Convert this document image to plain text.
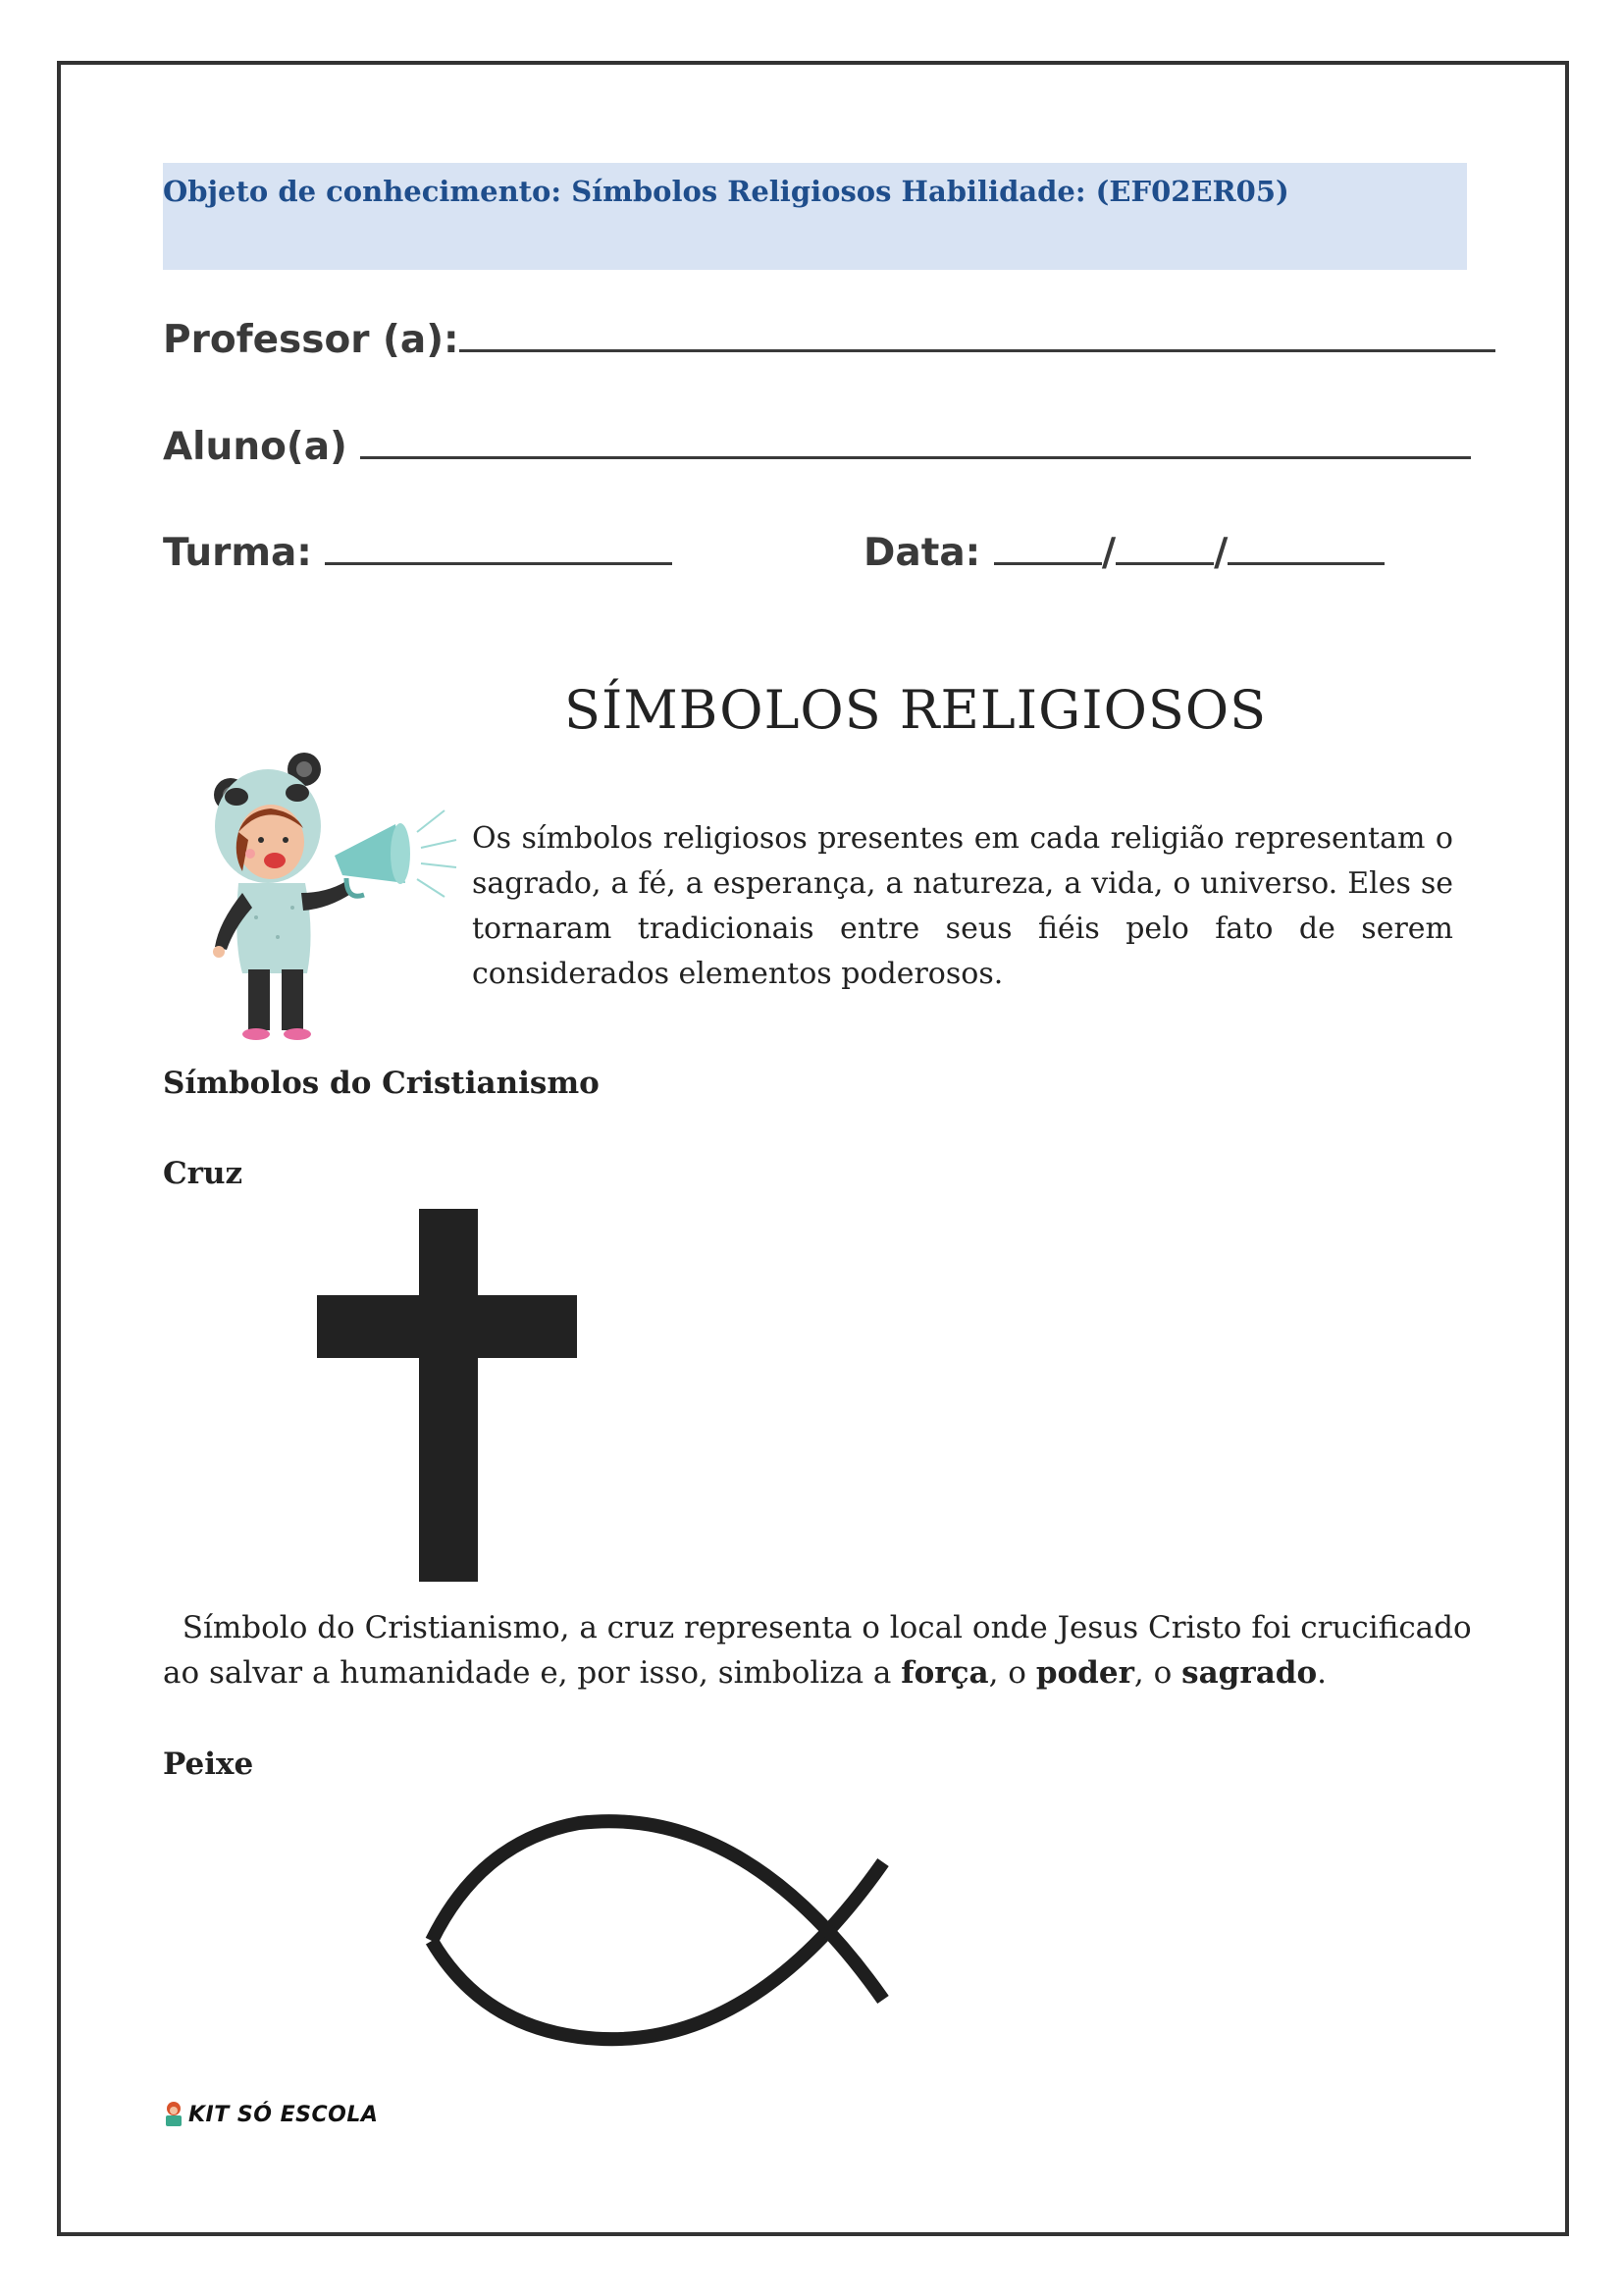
Objeto de conhecimento: Símbolos Religiosos Habilidade: (EF02ER05)
Professor (a):
Aluno(a)
Turma:	Data:	/	/
SÍMBOLOS RELIGIOSOS
Os símbolos religiosos presentes em cada religião representam o sagrado, a fé, a esperança, a natureza, a vida, o universo. Eles se tornaram tradicionais entre seus fiéis pelo fato de serem considerados elementos poderosos.
Símbolos do Cristianismo
Cruz
Símbolo do Cristianismo, a cruz representa o local onde Jesus Cristo foi crucificado ao salvar a humanidade e, por isso, simboliza a força, o poder, o sagrado.
Peixe
KIT SÓ ESCOLA
